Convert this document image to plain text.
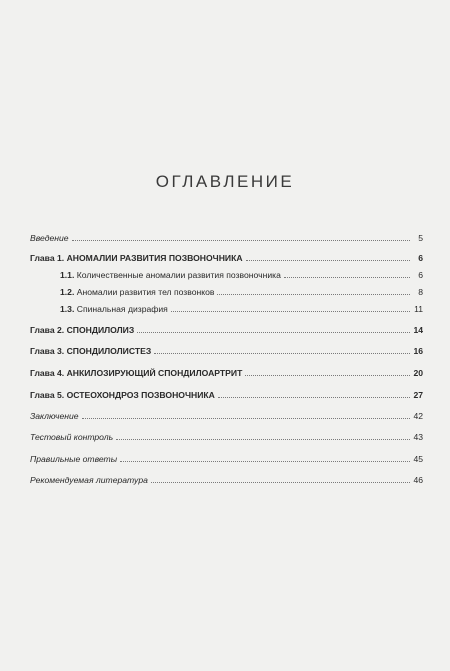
ОГЛАВЛЕНИЕ
Введение	5
Глава 1. АНОМАЛИИ РАЗВИТИЯ ПОЗВОНОЧНИКА	6
1.1. Количественные аномалии развития позвоночника	6
1.2. Аномалии развития тел позвонков	8
1.3. Спинальная дизрафия	11
Глава 2. СПОНДИЛОЛИЗ	14
Глава 3. СПОНДИЛОЛИСТЕЗ	16
Глава 4. АНКИЛОЗИРУЮЩИЙ СПОНДИЛОАРТРИТ	20
Глава 5. ОСТЕОХОНДРОЗ ПОЗВОНОЧНИКА	27
Заключение	42
Тестовый контроль	43
Правильные ответы	45
Рекомендуемая литература	46
